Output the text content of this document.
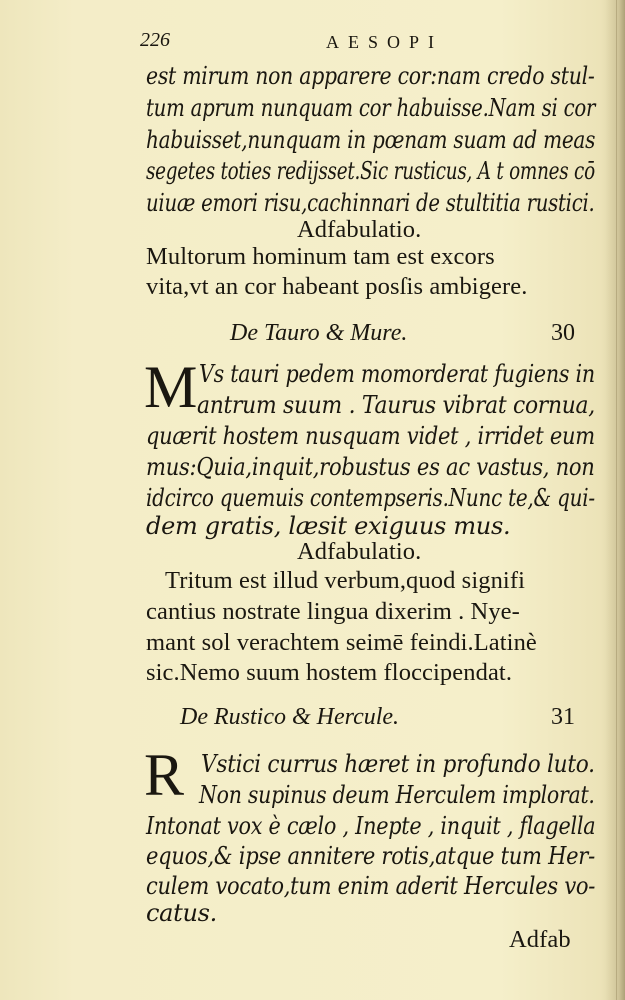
226	AESOPI
est mirum non apparere cor:nam credo stul-
tum aprum nunquam cor habuisse.Nam si cor
habuisset,nunquam in pœnam suam ad meas
segetes toties redijsset.Sic rusticus, A t omnes cō
uiuæ emori risu,cachinnari de stultitia rustici.
Adfabulatio.
Multorum hominum tam est excors
vita,vt an cor habeant posſis ambigere.
De Tauro & Mure.	30
M Vs tauri pedem momorderat fugiens in
antrum suum . Taurus vibrat cornua,
quærit hostem nusquam videt , irridet eum
mus:Quia,inquit,robustus es ac vastus, non
idcirco quemuis contempseris.Nunc te,& qui-
dem gratis, læsit exiguus mus.
Adfabulatio.
Tritum est illud verbum,quod signifi
cantius nostrate lingua dixerim . Nye-
mant sol verachtem seimē feindi.Latinè
sic.Nemo suum hostem floccipendat.
De Rustico & Hercule.	31
R Vstici currus hæret in profundo luto.
Non supinus deum Herculem implorat.
Intonat vox è cælo , Inepte , inquit , flagella
equos,& ipse annitere rotis,atque tum Her-
culem vocato,tum enim aderit Hercules vo-
catus.
Adfab
